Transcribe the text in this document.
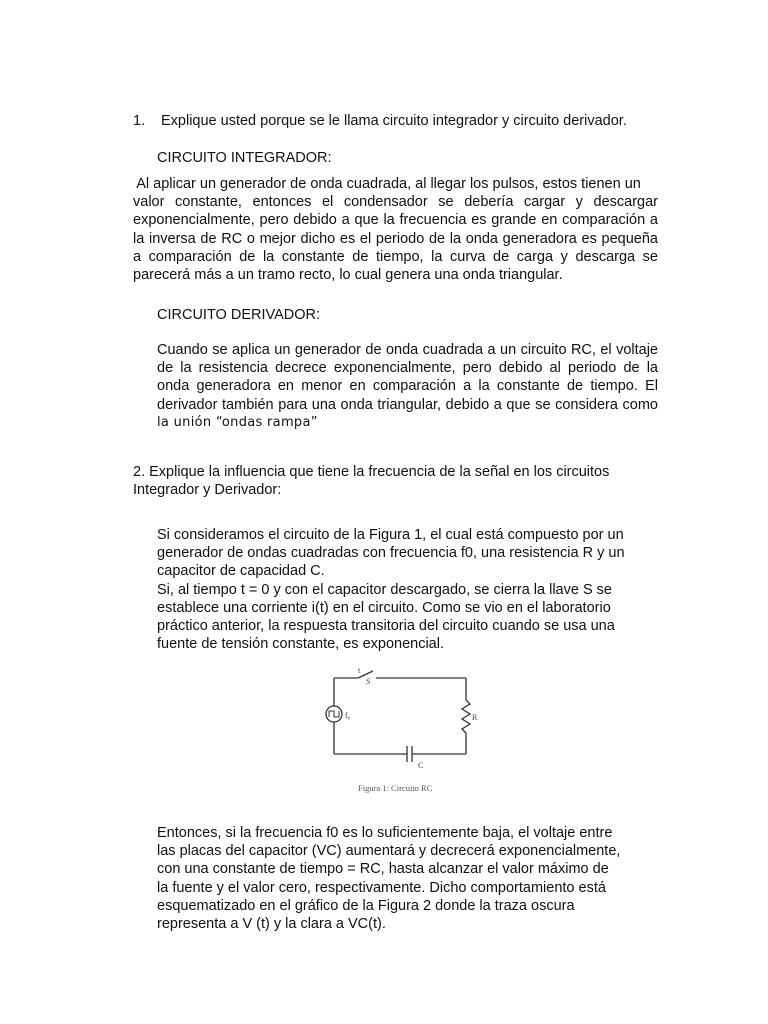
1. Explique usted porque se le llama circuito integrador y circuito derivador.
CIRCUITO INTEGRADOR:
Al aplicar un generador de onda cuadrada, al llegar los pulsos, estos tienen un
valor constante, entonces el condensador se debería cargar y descargar
exponencialmente, pero debido a que la frecuencia es grande en comparación a
la inversa de RC o mejor dicho es el periodo de la onda generadora es pequeña
a comparación de la constante de tiempo, la curva de carga y descarga se
parecerá más a un tramo recto, lo cual genera una onda triangular.
CIRCUITO DERIVADOR:
Cuando se aplica un generador de onda cuadrada a un circuito RC, el voltaje
de la resistencia decrece exponencialmente, pero debido al periodo de la
onda generadora en menor en comparación a la constante de tiempo. El
derivador también para una onda triangular, debido a que se considera como
la unión “ondas rampa”
2. Explique la influencia que tiene la frecuencia de la señal en los circuitos
Integrador y Derivador:
Si consideramos el circuito de la Figura 1, el cual está compuesto por un
generador de ondas cuadradas con frecuencia f0, una resistencia R y un
capacitor de capacidad C.
Si, al tiempo t = 0 y con el capacitor descargado, se cierra la llave S se
establece una corriente i(t) en el circuito. Como se vio en el laboratorio
práctico anterior, la respuesta transitoria del circuito cuando se usa una
fuente de tensión constante, es exponencial.
t
S
f₀	R
C
Figura 1: Circuito RC
Entonces, si la frecuencia f0 es lo suficientemente baja, el voltaje entre
las placas del capacitor (VC) aumentará y decrecerá exponencialmente,
con una constante de tiempo = RC, hasta alcanzar el valor máximo de
la fuente y el valor cero, respectivamente. Dicho comportamiento está
esquematizado en el gráfico de la Figura 2 donde la traza oscura
representa a V (t) y la clara a VC(t).
